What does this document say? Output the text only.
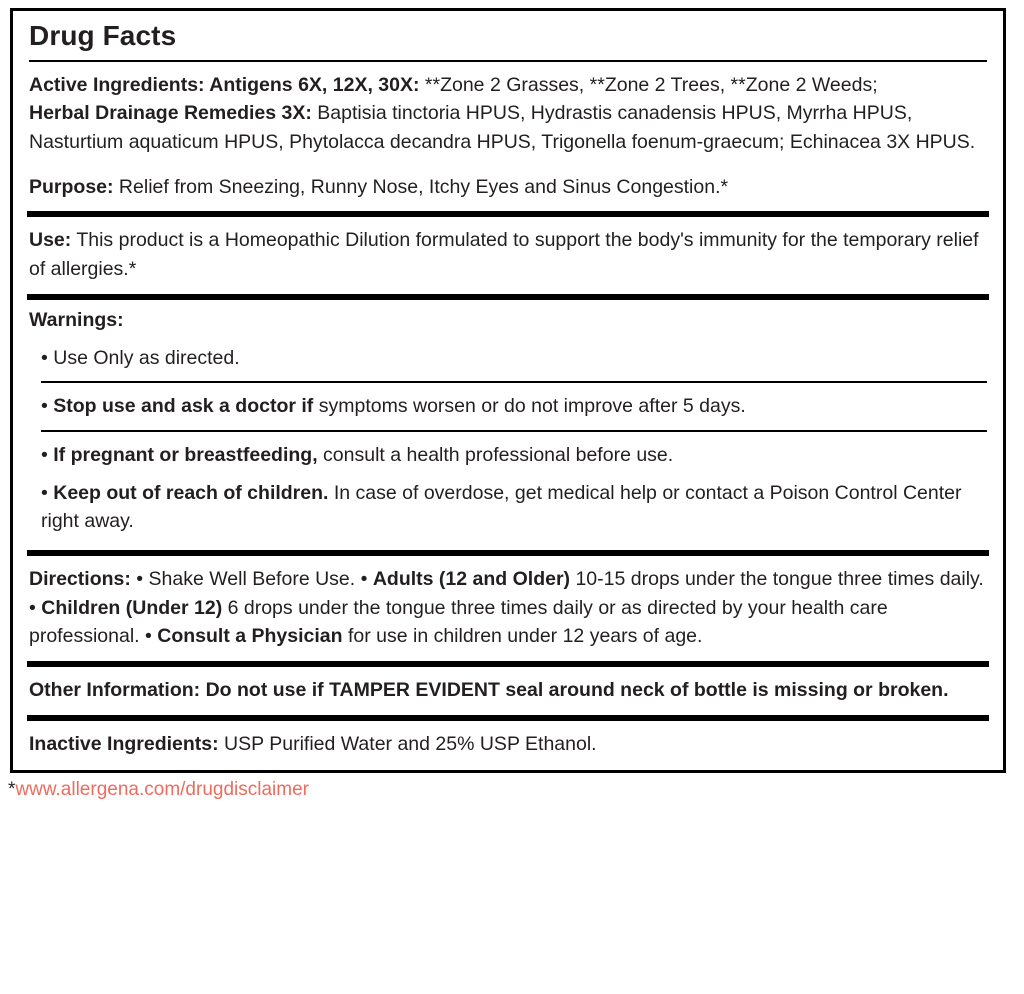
Drug Facts

Active Ingredients: Antigens 6X, 12X, 30X: **Zone 2 Grasses, **Zone 2 Trees, **Zone 2 Weeds;

Herbal Drainage Remedies 3X: Baptisia tinctoria HPUS, Hydrastis canadensis HPUS, Myrrha HPUS, Nasturtium aquaticum HPUS, Phytolacca decandra HPUS, Trigonella foenum-graecum; Echinacea 3X HPUS.

Purpose: Relief from Sneezing, Runny Nose, Itchy Eyes and Sinus Congestion.*

Use: This product is a Homeopathic Dilution formulated to support the body's immunity for the temporary relief of allergies.*

Warnings:
• Use Only as directed.
• Stop use and ask a doctor if symptoms worsen or do not improve after 5 days.
• If pregnant or breastfeeding, consult a health professional before use.
• Keep out of reach of children. In case of overdose, get medical help or contact a Poison Control Center right away.

Directions: • Shake Well Before Use. • Adults (12 and Older) 10-15 drops under the tongue three times daily. • Children (Under 12) 6 drops under the tongue three times daily or as directed by your health care professional. • Consult a Physician for use in children under 12 years of age.

Other Information: Do not use if TAMPER EVIDENT seal around neck of bottle is missing or broken.

Inactive Ingredients: USP Purified Water and 25% USP Ethanol.

*www.allergena.com/drugdisclaimer
